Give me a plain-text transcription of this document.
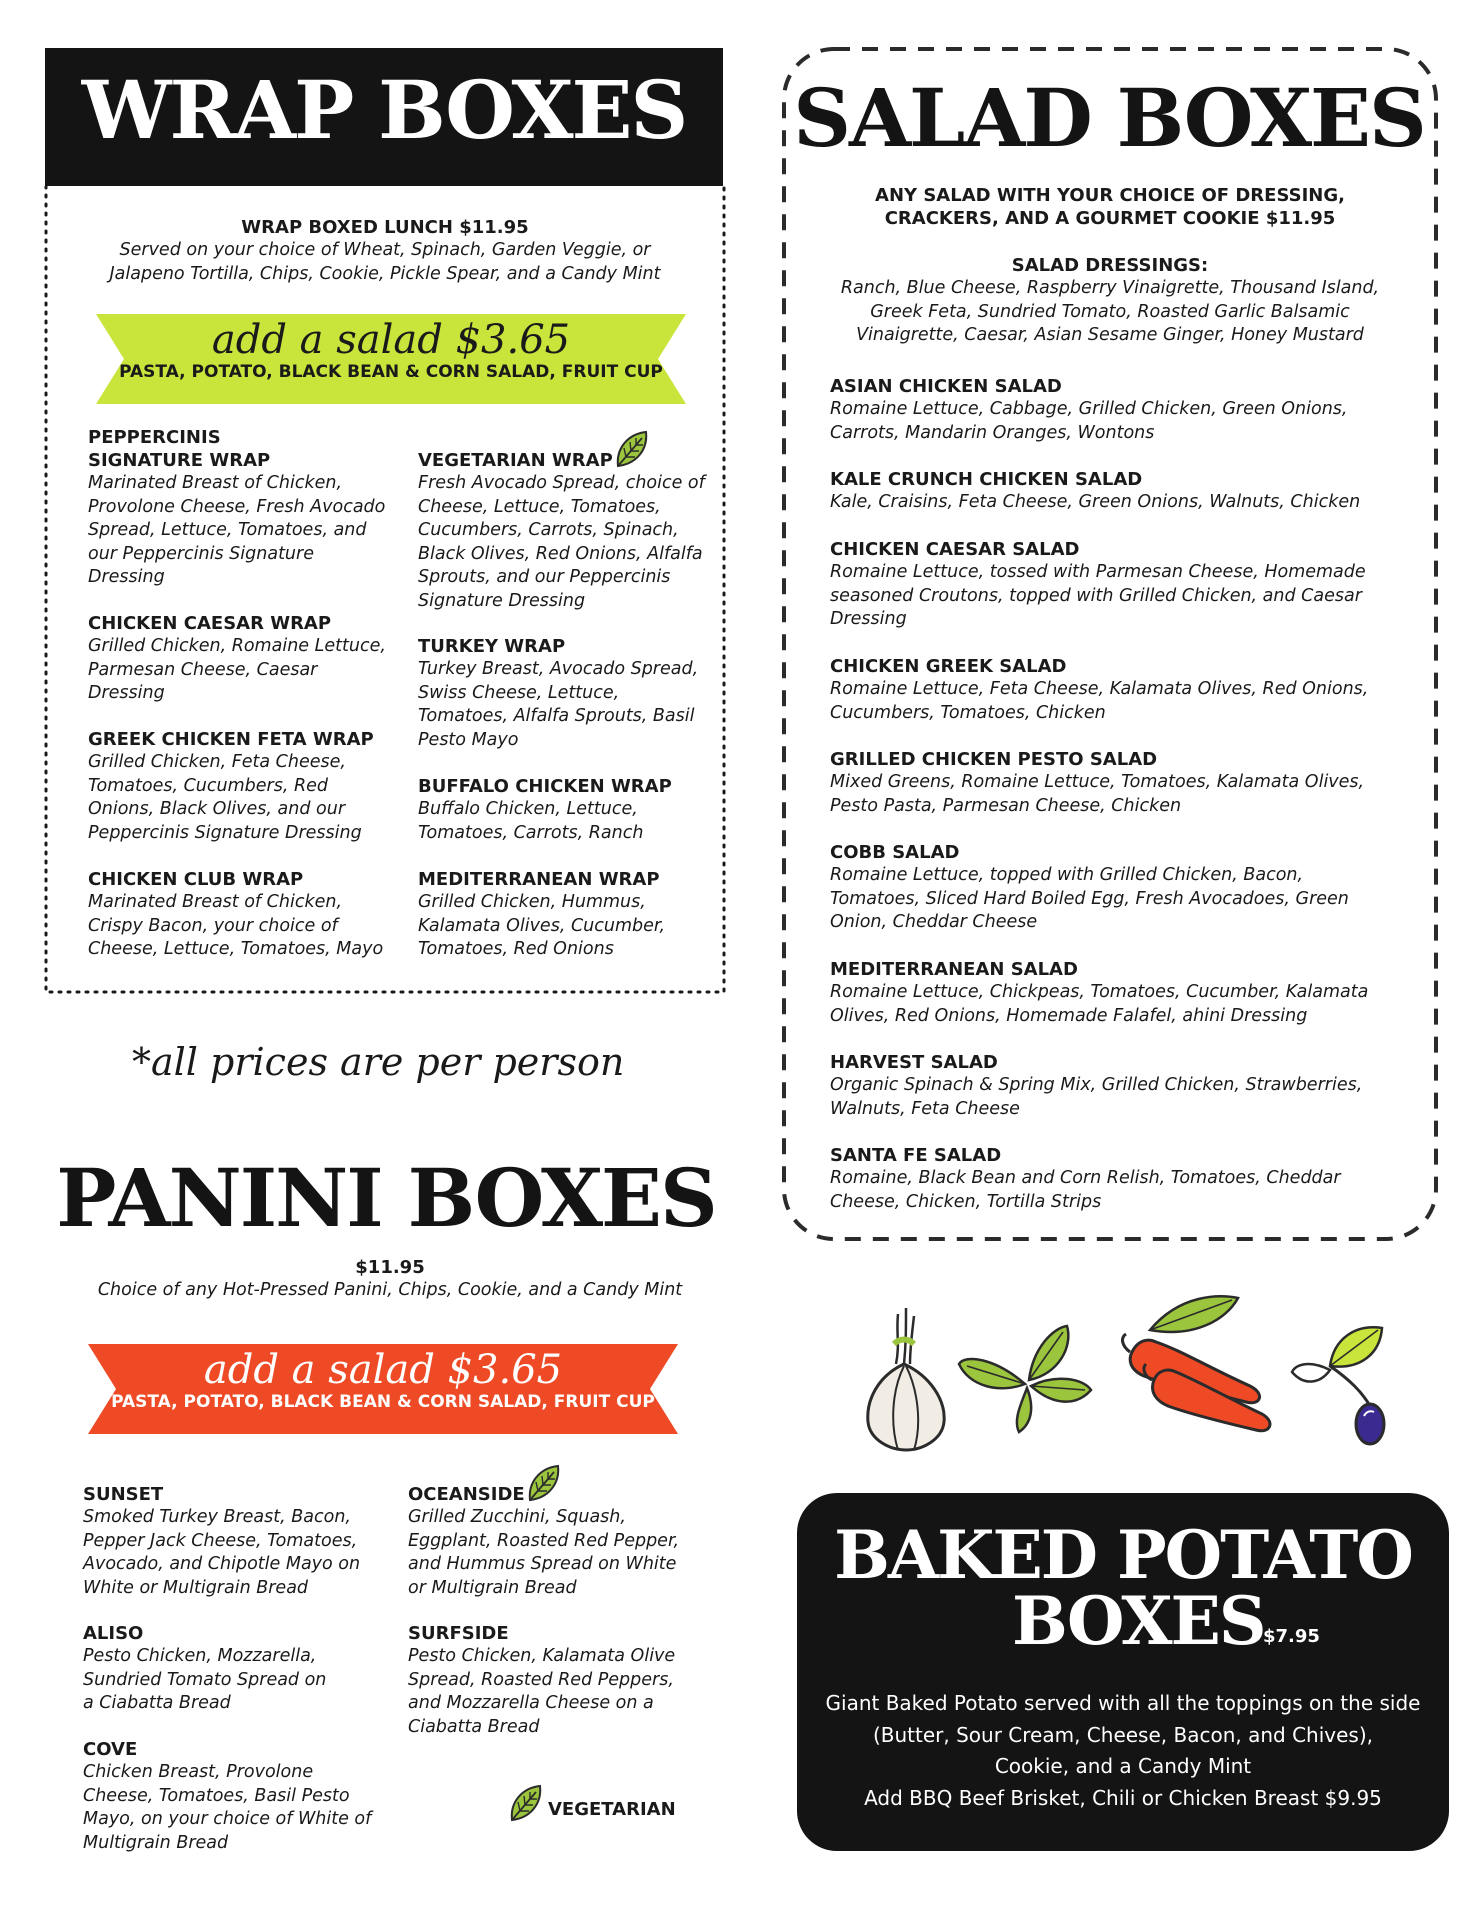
WRAP BOXES
WRAP BOXED LUNCH $11.95
Served on your choice of Wheat, Spinach, Garden Veggie, or Jalapeno Tortilla, Chips, Cookie, Pickle Spear, and a Candy Mint
add a salad $3.65
PASTA, POTATO, BLACK BEAN & CORN SALAD, FRUIT CUP
PEPPERCINIS
SIGNATURE WRAP
Marinated Breast of Chicken, Provolone Cheese, Fresh Avocado Spread, Lettuce, Tomatoes, and our Peppercinis Signature Dressing
CHICKEN CAESAR WRAP
Grilled Chicken, Romaine Lettuce, Parmesan Cheese, Caesar Dressing
GREEK CHICKEN FETA WRAP
Grilled Chicken, Feta Cheese, Tomatoes, Cucumbers, Red Onions, Black Olives, and our Peppercinis Signature Dressing
CHICKEN CLUB WRAP
Marinated Breast of Chicken, Crispy Bacon, your choice of Cheese, Lettuce, Tomatoes, Mayo
VEGETARIAN WRAP
Fresh Avocado Spread, choice of Cheese, Lettuce, Tomatoes, Cucumbers, Carrots, Spinach, Black Olives, Red Onions, Alfalfa Sprouts, and our Peppercinis Signature Dressing
TURKEY WRAP
Turkey Breast, Avocado Spread, Swiss Cheese, Lettuce, Tomatoes, Alfalfa Sprouts, Basil Pesto Mayo
BUFFALO CHICKEN WRAP
Buffalo Chicken, Lettuce, Tomatoes, Carrots, Ranch
MEDITERRANEAN WRAP
Grilled Chicken, Hummus, Kalamata Olives, Cucumber, Tomatoes, Red Onions
*all prices are per person
PANINI BOXES
$11.95
Choice of any Hot-Pressed Panini, Chips, Cookie, and a Candy Mint
add a salad $3.65
PASTA, POTATO, BLACK BEAN & CORN SALAD, FRUIT CUP
SUNSET
Smoked Turkey Breast, Bacon, Pepper Jack Cheese, Tomatoes, Avocado, and Chipotle Mayo on White or Multigrain Bread
ALISO
Pesto Chicken, Mozzarella, Sundried Tomato Spread on a Ciabatta Bread
COVE
Chicken Breast, Provolone Cheese, Tomatoes, Basil Pesto Mayo, on your choice of White of Multigrain Bread
OCEANSIDE
Grilled Zucchini, Squash, Eggplant, Roasted Red Pepper, and Hummus Spread on White or Multigrain Bread
SURFSIDE
Pesto Chicken, Kalamata Olive Spread, Roasted Red Peppers, and Mozzarella Cheese on a Ciabatta Bread
VEGETARIAN
SALAD BOXES
ANY SALAD WITH YOUR CHOICE OF DRESSING, CRACKERS, AND A GOURMET COOKIE $11.95
SALAD DRESSINGS:
Ranch, Blue Cheese, Raspberry Vinaigrette, Thousand Island, Greek Feta, Sundried Tomato, Roasted Garlic Balsamic Vinaigrette, Caesar, Asian Sesame Ginger, Honey Mustard
ASIAN CHICKEN SALAD
Romaine Lettuce, Cabbage, Grilled Chicken, Green Onions, Carrots, Mandarin Oranges, Wontons
KALE CRUNCH CHICKEN SALAD
Kale, Craisins, Feta Cheese, Green Onions, Walnuts, Chicken
CHICKEN CAESAR SALAD
Romaine Lettuce, tossed with Parmesan Cheese, Homemade seasoned Croutons, topped with Grilled Chicken, and Caesar Dressing
CHICKEN GREEK SALAD
Romaine Lettuce, Feta Cheese, Kalamata Olives, Red Onions, Cucumbers, Tomatoes, Chicken
GRILLED CHICKEN PESTO SALAD
Mixed Greens, Romaine Lettuce, Tomatoes, Kalamata Olives, Pesto Pasta, Parmesan Cheese, Chicken
COBB SALAD
Romaine Lettuce, topped with Grilled Chicken, Bacon, Tomatoes, Sliced Hard Boiled Egg, Fresh Avocadoes, Green Onion, Cheddar Cheese
MEDITERRANEAN SALAD
Romaine Lettuce, Chickpeas, Tomatoes, Cucumber, Kalamata Olives, Red Onions, Homemade Falafel, ahini Dressing
HARVEST SALAD
Organic Spinach & Spring Mix, Grilled Chicken, Strawberries, Walnuts, Feta Cheese
SANTA FE SALAD
Romaine, Black Bean and Corn Relish, Tomatoes, Cheddar Cheese, Chicken, Tortilla Strips
BAKED POTATO
BOXES
$7.95
Giant Baked Potato served with all the toppings on the side
(Butter, Sour Cream, Cheese, Bacon, and Chives),
Cookie, and a Candy Mint
Add BBQ Beef Brisket, Chili or Chicken Breast $9.95
